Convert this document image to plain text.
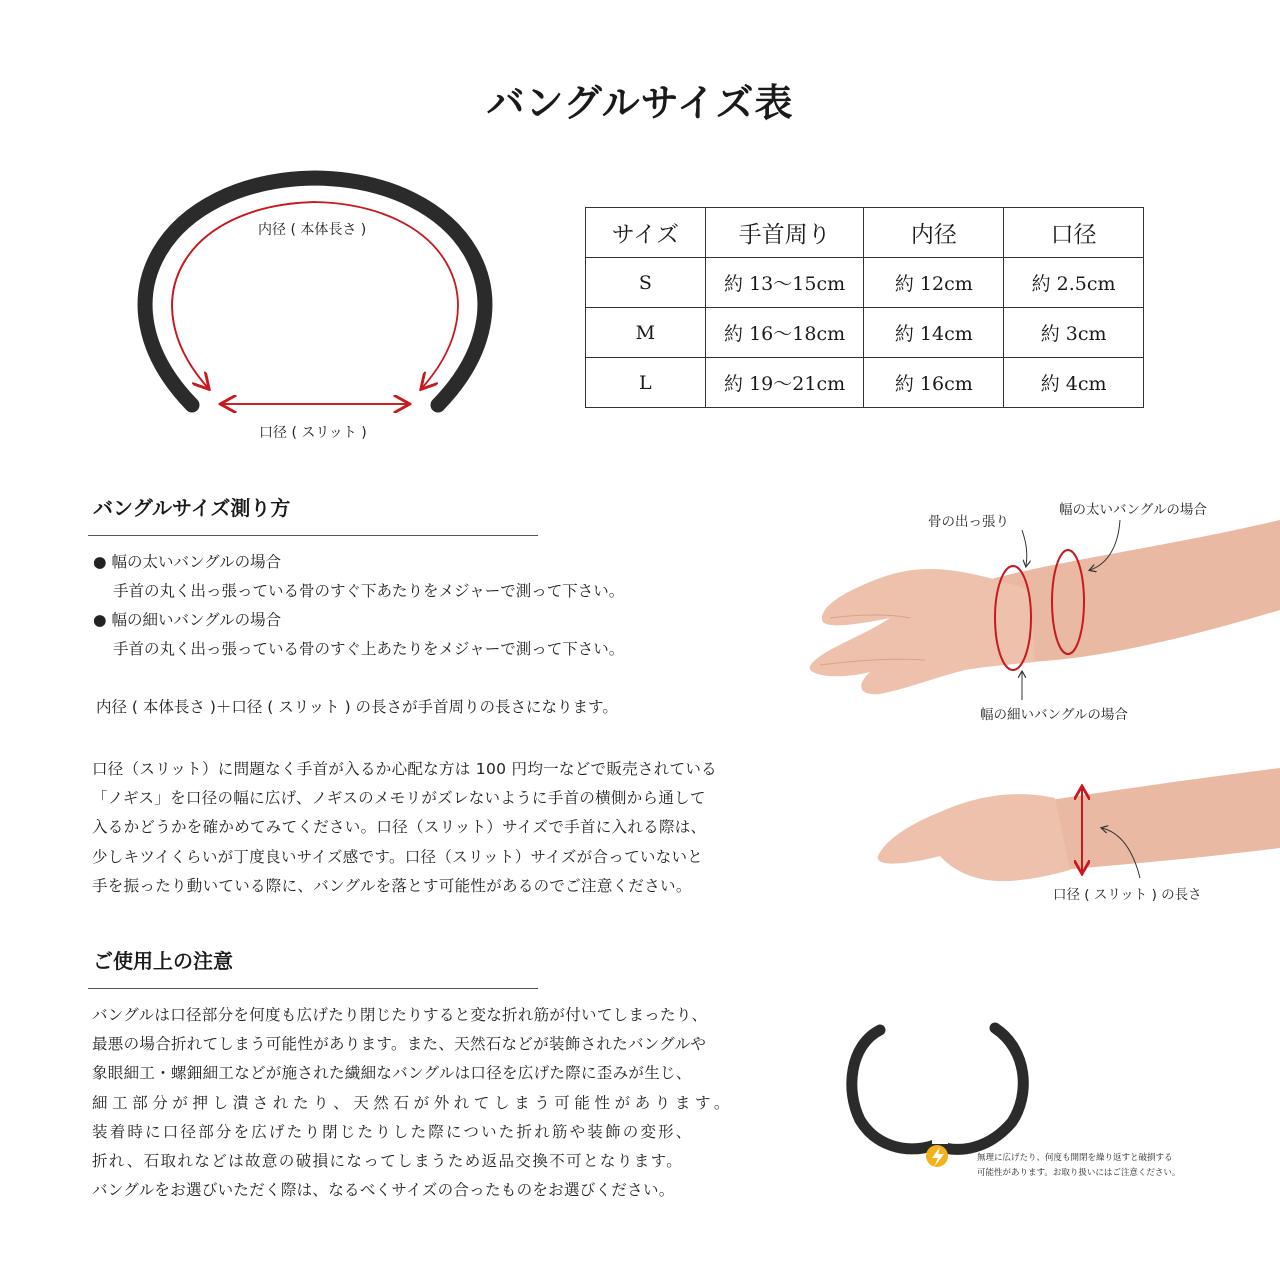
バングルサイズ表
内径 ( 本体長さ )
口径 ( スリット )
サイズ	手首周り	内径	口径
S	約 13〜15cm	約 12cm	約 2.5cm
M	約 16〜18cm	約 14cm	約 3cm
L	約 19〜21cm	約 16cm	約 4cm
バングルサイズ測り方

● 幅の太いバングルの場合

手首の丸く出っ張っている骨のすぐ下あたりをメジャーで測って下さい。

● 幅の細いバングルの場合

手首の丸く出っ張っている骨のすぐ上あたりをメジャーで測って下さい。

内径 ( 本体長さ )＋口径 ( スリット ) の長さが手首周りの長さになります。

口径（スリット）に問題なく手首が入るか心配な方は 100 円均一などで販売されている

「ノギス」を口径の幅に広げ、ノギスのメモリがズレないように手首の横側から通して

入るかどうかを確かめてみてください。口径（スリット）サイズで手首に入れる際は、

少しキツイくらいが丁度良いサイズ感です。口径（スリット）サイズが合っていないと

手を振ったり動いている際に、バングルを落とす可能性があるのでご注意ください。

ご使用上の注意

バングルは口径部分を何度も広げたり閉じたりすると変な折れ筋が付いてしまったり、

最悪の場合折れてしまう可能性があります。また、天然石などが装飾されたバングルや

象眼細工・螺鈿細工などが施された繊細なバングルは口径を広げた際に歪みが生じ、

細工部分が押し潰されたり、天然石が外れてしまう可能性があります。

装着時に口径部分を広げたり閉じたりした際についた折れ筋や装飾の変形、

折れ、石取れなどは故意の破損になってしまうため返品交換不可となります。

バングルをお選びいただく際は、なるべくサイズの合ったものをお選びください。

骨の出っ張り
幅の太いバングルの場合
幅の細いバングルの場合
口径 ( スリット ) の長さ

無理に広げたり、何度も開閉を繰り返すと破損する

可能性があります。お取り扱いにはご注意ください。
